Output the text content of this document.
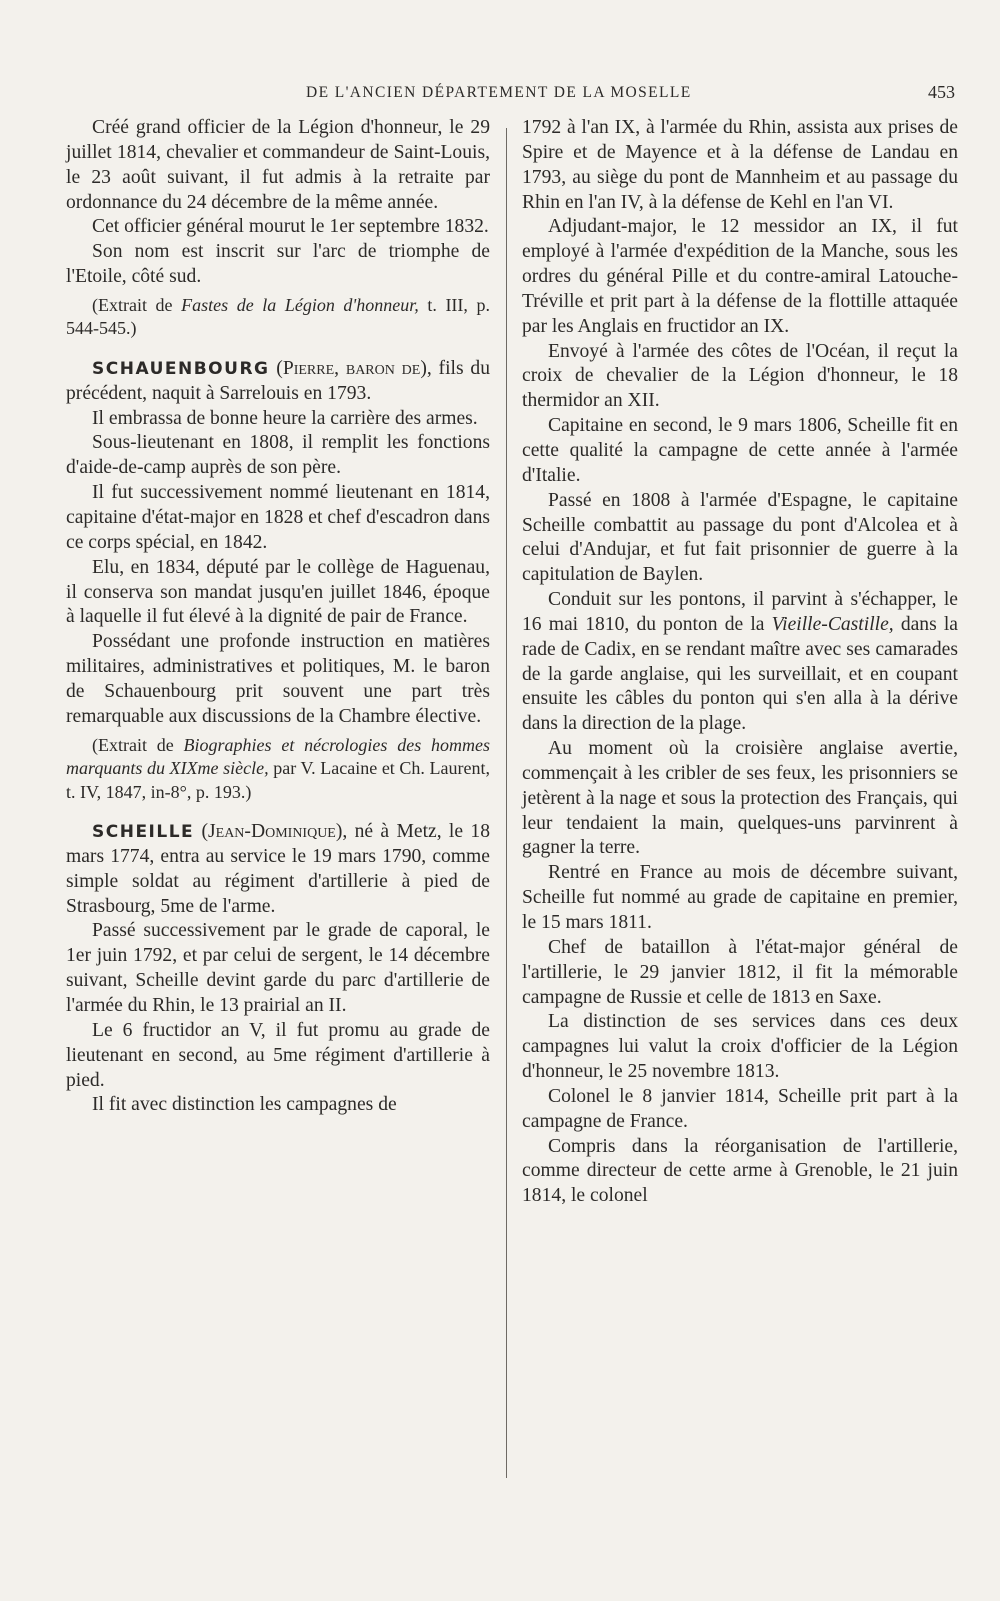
DE L'ANCIEN DÉPARTEMENT DE LA MOSELLE	453

Créé grand officier de la Légion d'honneur, le 29 juillet 1814, chevalier et commandeur de Saint-Louis, le 23 août suivant, il fut admis à la retraite par ordonnance du 24 décembre de la même année.

Cet officier général mourut le 1er septembre 1832.

Son nom est inscrit sur l'arc de triomphe de l'Etoile, côté sud.

(Extrait de Fastes de la Légion d'honneur, t. III, p. 544-545.)

SCHAUENBOURG (Pierre, baron de), fils du précédent, naquit à Sarrelouis en 1793.

Il embrassa de bonne heure la carrière des armes.

Sous-lieutenant en 1808, il remplit les fonctions d'aide-de-camp auprès de son père.

Il fut successivement nommé lieutenant en 1814, capitaine d'état-major en 1828 et chef d'escadron dans ce corps spécial, en 1842.

Elu, en 1834, député par le collège de Haguenau, il conserva son mandat jusqu'en juillet 1846, époque à laquelle il fut élevé à la dignité de pair de France.

Possédant une profonde instruction en matières militaires, administratives et politiques, M. le baron de Schauenbourg prit souvent une part très remarquable aux discussions de la Chambre élective.

(Extrait de Biographies et nécrologies des hommes marquants du XIXme siècle, par V. Lacaine et Ch. Laurent, t. IV, 1847, in-8°, p. 193.)

SCHEILLE (Jean-Dominique), né à Metz, le 18 mars 1774, entra au service le 19 mars 1790, comme simple soldat au régiment d'artillerie à pied de Strasbourg, 5me de l'arme.

Passé successivement par le grade de caporal, le 1er juin 1792, et par celui de sergent, le 14 décembre suivant, Scheille devint garde du parc d'artillerie de l'armée du Rhin, le 13 prairial an II.

Le 6 fructidor an V, il fut promu au grade de lieutenant en second, au 5me régiment d'artillerie à pied.

Il fit avec distinction les campagnes de

1792 à l'an IX, à l'armée du Rhin, assista aux prises de Spire et de Mayence et à la défense de Landau en 1793, au siège du pont de Mannheim et au passage du Rhin en l'an IV, à la défense de Kehl en l'an VI.

Adjudant-major, le 12 messidor an IX, il fut employé à l'armée d'expédition de la Manche, sous les ordres du général Pille et du contre-amiral Latouche-Tréville et prit part à la défense de la flottille attaquée par les Anglais en fructidor an IX.

Envoyé à l'armée des côtes de l'Océan, il reçut la croix de chevalier de la Légion d'honneur, le 18 thermidor an XII.

Capitaine en second, le 9 mars 1806, Scheille fit en cette qualité la campagne de cette année à l'armée d'Italie.

Passé en 1808 à l'armée d'Espagne, le capitaine Scheille combattit au passage du pont d'Alcolea et à celui d'Andujar, et fut fait prisonnier de guerre à la capitulation de Baylen.

Conduit sur les pontons, il parvint à s'échapper, le 16 mai 1810, du ponton de la Vieille-Castille, dans la rade de Cadix, en se rendant maître avec ses camarades de la garde anglaise, qui les surveillait, et en coupant ensuite les câbles du ponton qui s'en alla à la dérive dans la direction de la plage.

Au moment où la croisière anglaise avertie, commençait à les cribler de ses feux, les prisonniers se jetèrent à la nage et sous la protection des Français, qui leur tendaient la main, quelques-uns parvinrent à gagner la terre.

Rentré en France au mois de décembre suivant, Scheille fut nommé au grade de capitaine en premier, le 15 mars 1811.

Chef de bataillon à l'état-major général de l'artillerie, le 29 janvier 1812, il fit la mémorable campagne de Russie et celle de 1813 en Saxe.

La distinction de ses services dans ces deux campagnes lui valut la croix d'officier de la Légion d'honneur, le 25 novembre 1813.

Colonel le 8 janvier 1814, Scheille prit part à la campagne de France.

Compris dans la réorganisation de l'artillerie, comme directeur de cette arme à Grenoble, le 21 juin 1814, le colonel
